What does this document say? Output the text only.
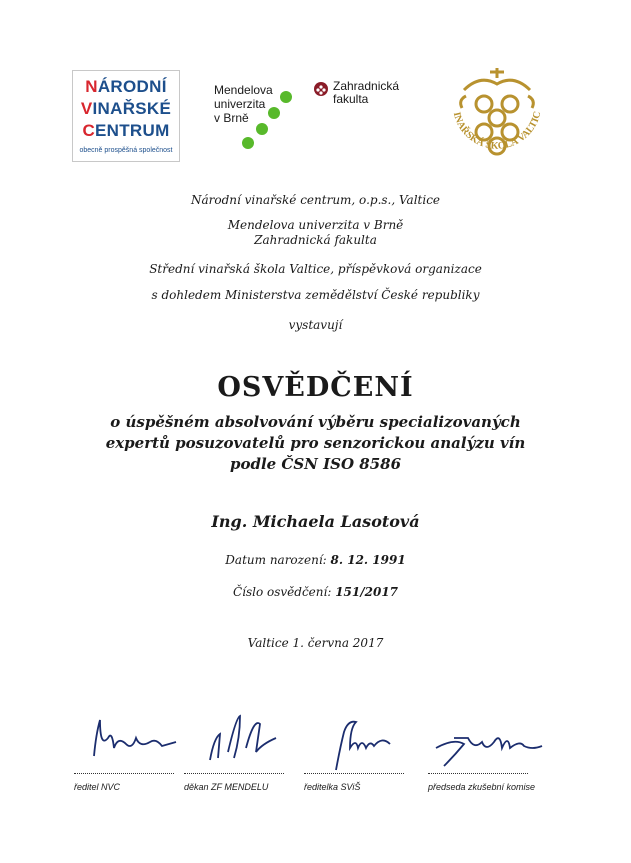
NÁRODNÍ
VINAŘSKÉ
CENTRUM
obecně prospěšná společnost
Mendelova
univerzita
v Brně
Zahradnická
fakulta
INAŘSKÁ ŠKOLA VALTIC
Národní vinařské centrum, o.p.s., Valtice
Mendelova univerzita v Brně
Zahradnická fakulta
Střední vinařská škola Valtice, příspěvková organizace
s dohledem Ministerstva zemědělství České republiky
vystavují
OSVĚDČENÍ
o úspěšném absolvování výběru specializovaných
expertů posuzovatelů pro senzorickou analýzu vín
podle ČSN ISO 8586
Ing. Michaela Lasotová
Datum narození: 8. 12. 1991
Číslo osvědčení: 151/2017
Valtice 1. června 2017
ředitel NVC	děkan ZF MENDELU	ředitelka SViŠ	předseda zkušební komise
